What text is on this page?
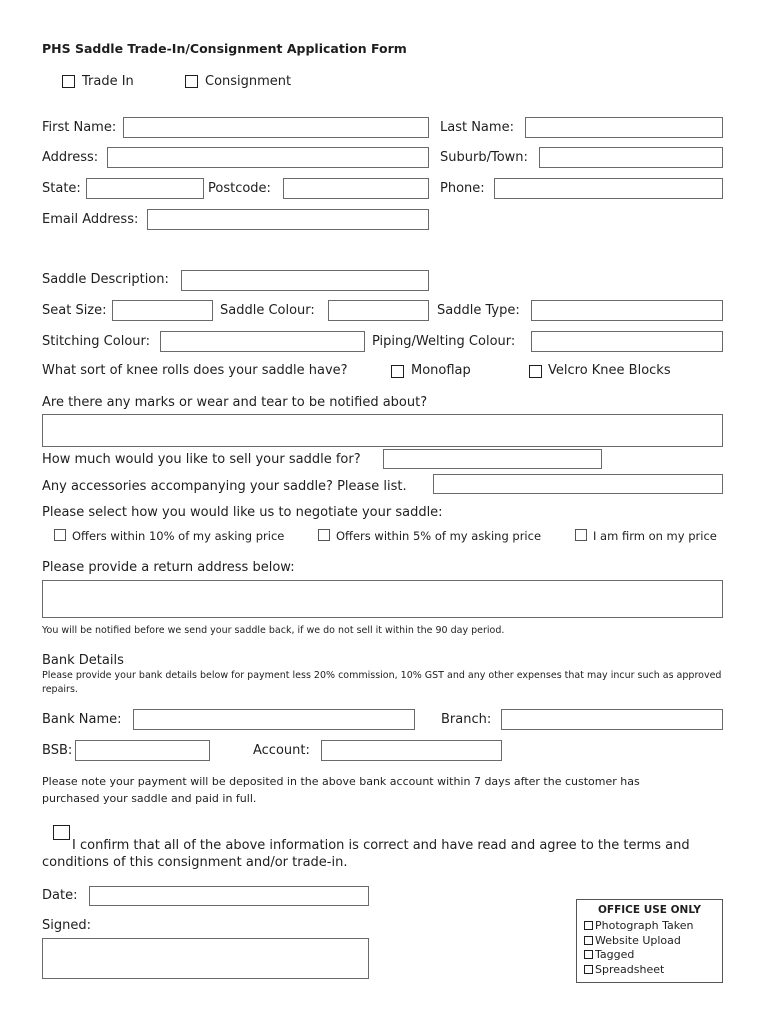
PHS Saddle Trade-In/Consignment Application Form
Trade In	Consignment
First Name:	Last Name:
Address:	Suburb/Town:
State:	Postcode:	Phone:
Email Address:
Saddle Description:
Seat Size:	Saddle Colour:	Saddle Type:
Stitching Colour:	Piping/Welting Colour:
What sort of knee rolls does your saddle have?	Monoflap	Velcro Knee Blocks
Are there any marks or wear and tear to be notified about?
How much would you like to sell your saddle for?
Any accessories accompanying your saddle? Please list.
Please select how you would like us to negotiate your saddle:
Offers within 10% of my asking price	Offers within 5% of my asking price	I am firm on my price
Please provide a return address below:
You will be notified before we send your saddle back, if we do not sell it within the 90 day period.
Bank Details
Please provide your bank details below for payment less 20% commission, 10% GST and any other expenses that may incur such as approved repairs.
Bank Name:	Branch:
BSB:	Account:
Please note your payment will be deposited in the above bank account within 7 days after the customer has purchased your saddle and paid in full.
I confirm that all of the above information is correct and have read and agree to the terms and conditions of this consignment and/or trade-in.
Date:
Signed:
OFFICE USE ONLY
Photograph Taken
Website Upload
Tagged
Spreadsheet
